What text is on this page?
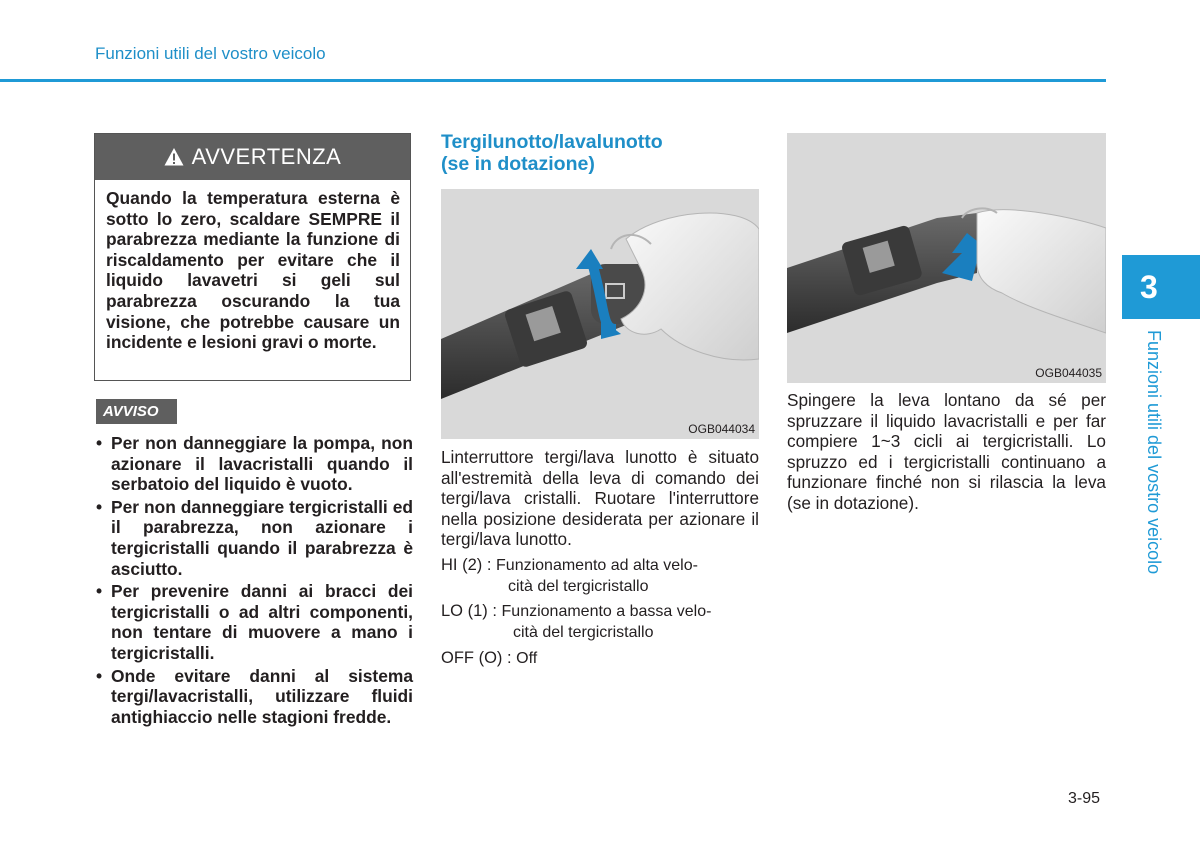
Funzioni utili del vostro veicolo
AVVERTENZA
Quando la temperatura esterna è sotto lo zero, scaldare SEMPRE il parabrezza mediante la funzione di riscaldamento per evitare che il liquido lavavetri si geli sul parabrezza oscurando la tua visione, che potrebbe causare un incidente e lesioni gravi o morte.
AVVISO
• Per non danneggiare la pompa, non azionare il lavacristalli quando il serbatoio del liquido è vuoto.
• Per non danneggiare tergicristalli ed il parabrezza, non azionare i tergicristalli quando il parabrezza è asciutto.
• Per prevenire danni ai bracci dei tergicristalli o ad altri componenti, non tentare di muovere a mano i tergicristalli.
• Onde evitare danni al sistema tergi/lavacristalli, utilizzare fluidi antighiaccio nelle stagioni fredde.
Tergilunotto/lavalunotto
(se in dotazione)
OGB044034
Linterruttore tergi/lava lunotto è situato all'estremità della leva di comando dei tergi/lava cristalli. Ruotare l'interruttore nella posizione desiderata per azionare il tergi/lava lunotto.
HI (2) : Funzionamento ad alta velo-
cità del tergicristallo
LO (1) : Funzionamento a bassa velo-
cità del tergicristallo
OFF (O) : Off
OGB044035
Spingere la leva lontano da sé per spruzzare il liquido lavacristalli e per far compiere 1~3 cicli ai tergicristalli. Lo spruzzo ed i tergicristalli continuano a funzionare finché non si rilascia la leva (se in dotazione).
3
Funzioni utili del vostro veicolo
3-95
